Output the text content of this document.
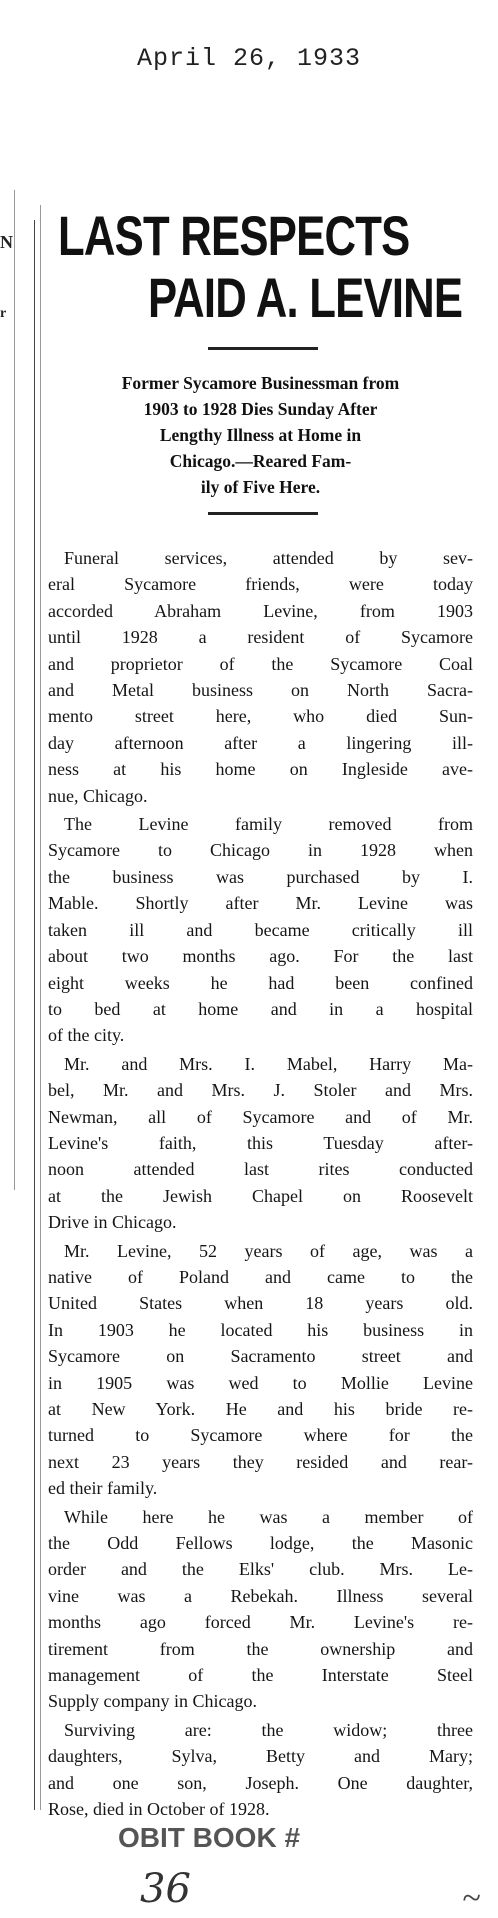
April 26, 1933
N
r
LAST RESPECTS
PAID A. LEVINE
Former Sycamore Businessman from
1903 to 1928 Dies Sunday After
Lengthy Illness at Home in
Chicago.—Reared Fam-
ily of Five Here.
Funeral services, attended by sev-
eral Sycamore friends, were today
accorded Abraham Levine, from 1903
until 1928 a resident of Sycamore
and proprietor of the Sycamore Coal
and Metal business on North Sacra-
mento street here, who died Sun-
day afternoon after a lingering ill-
ness at his home on Ingleside ave-
nue, Chicago.
The Levine family removed from
Sycamore to Chicago in 1928 when
the business was purchased by I.
Mable. Shortly after Mr. Levine was
taken ill and became critically ill
about two months ago. For the last
eight weeks he had been confined
to bed at home and in a hospital
of the city.
Mr. and Mrs. I. Mabel, Harry Ma-
bel, Mr. and Mrs. J. Stoler and Mrs.
Newman, all of Sycamore and of Mr.
Levine's faith, this Tuesday after-
noon attended last rites conducted
at the Jewish Chapel on Roosevelt
Drive in Chicago.
Mr. Levine, 52 years of age, was a
native of Poland and came to the
United States when 18 years old.
In 1903 he located his business in
Sycamore on Sacramento street and
in 1905 was wed to Mollie Levine
at New York. He and his bride re-
turned to Sycamore where for the
next 23 years they resided and rear-
ed their family.
While here he was a member of
the Odd Fellows lodge, the Masonic
order and the Elks' club. Mrs. Le-
vine was a Rebekah. Illness several
months ago forced Mr. Levine's re-
tirement from the ownership and
management of the Interstate Steel
Supply company in Chicago.
Surviving are: the widow; three
daughters, Sylva, Betty and Mary;
and one son, Joseph. One daughter,
Rose, died in October of 1928.
OBIT BOOK #
36	~
